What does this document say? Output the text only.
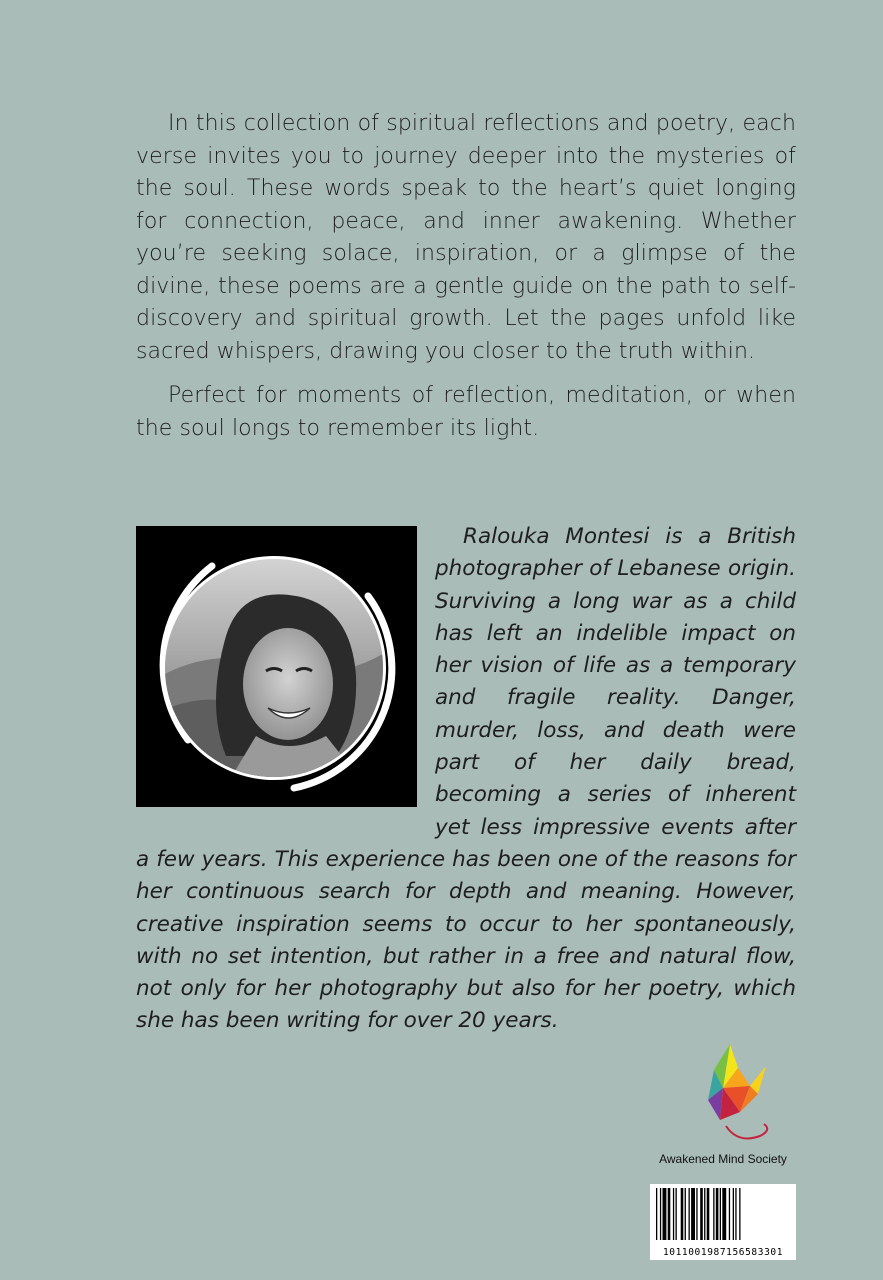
In this collection of spiritual reflections and poetry, each verse invites you to journey deeper into the mysteries of the soul. These words speak to the heart’s quiet longing for connection, peace, and inner awakening. Whether you’re seeking solace, inspiration, or a glimpse of the divine, these poems are a gentle guide on the path to self-discovery and spiritual growth. Let the pages unfold like sacred whispers, drawing you closer to the truth within.

Perfect for moments of reflection, meditation, or when the soul longs to remember its light.

Ralouka Montesi is a British photographer of Lebanese origin. Surviving a long war as a child has left an indelible impact on her vision of life as a temporary and fragile reality. Danger, murder, loss, and death were part of her daily bread, becoming a series of inherent yet less impressive events after a few years. This experience has been one of the reasons for her continuous search for depth and meaning. However, creative inspiration seems to occur to her spontaneously, with no set intention, but rather in a free and natural flow, not only for her photography but also for her poetry, which she has been writing for over 20 years.

Awakened Mind Society
1011001987156583301
